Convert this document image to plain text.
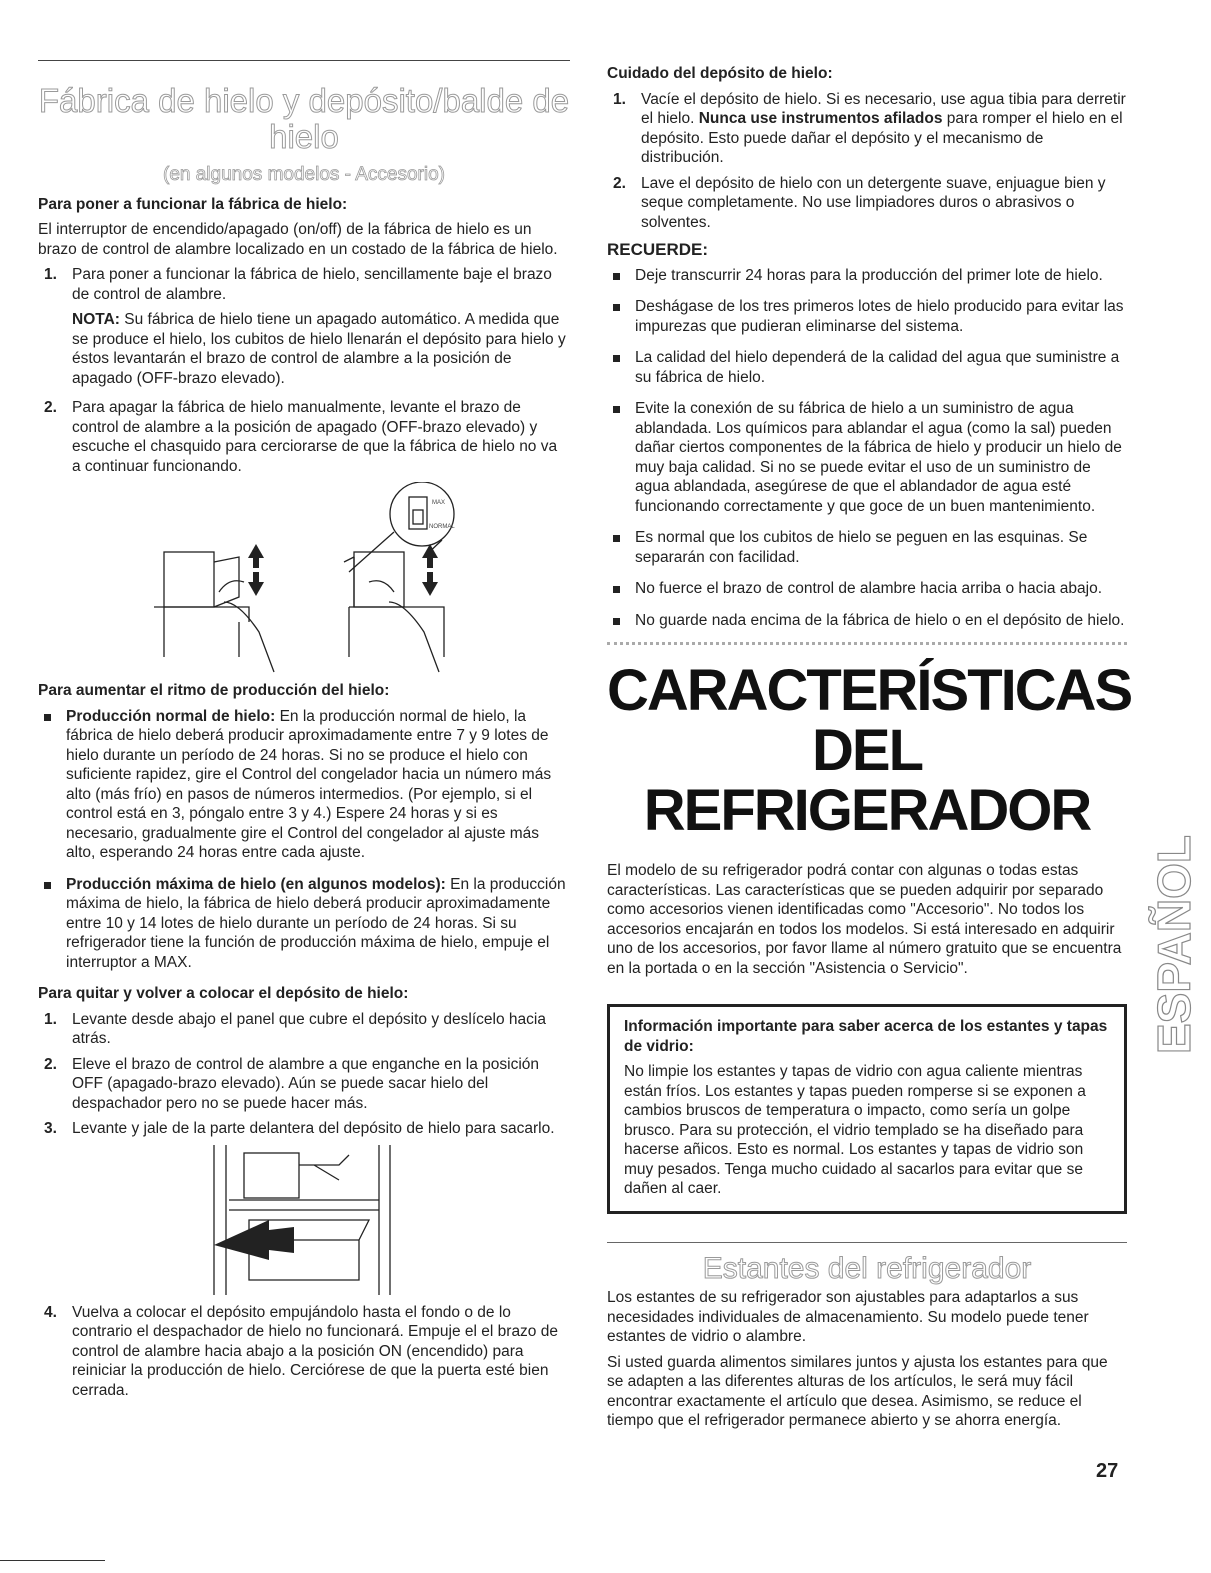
Fábrica de hielo y depósito/balde de hielo
(en algunos modelos - Accesorio)
Para poner a funcionar la fábrica de hielo:

El interruptor de encendido/apagado (on/off) de la fábrica de hielo es un brazo de control de alambre localizado en un costado de la fábrica de hielo.

1. Para poner a funcionar la fábrica de hielo, sencillamente baje el brazo de control de alambre.
NOTA: Su fábrica de hielo tiene un apagado automático. A medida que se produce el hielo, los cubitos de hielo llenarán el depósito para hielo y éstos levantarán el brazo de control de alambre a la posición de apagado (OFF-brazo elevado).
2. Para apagar la fábrica de hielo manualmente, levante el brazo de control de alambre a la posición de apagado (OFF-brazo elevado) y escuche el chasquido para cerciorarse de que la fábrica de hielo no va a continuar funcionando.
MAX
NORMAL
Para aumentar el ritmo de producción del hielo:
Producción normal de hielo: En la producción normal de hielo, la fábrica de hielo deberá producir aproximadamente entre 7 y 9 lotes de hielo durante un período de 24 horas. Si no se produce el hielo con suficiente rapidez, gire el Control del congelador hacia un número más alto (más frío) en pasos de números intermedios. (Por ejemplo, si el control está en 3, póngalo entre 3 y 4.) Espere 24 horas y si es necesario, gradualmente gire el Control del congelador al ajuste más alto, esperando 24 horas entre cada ajuste.
Producción máxima de hielo (en algunos modelos): En la producción máxima de hielo, la fábrica de hielo deberá producir aproximadamente entre 10 y 14 lotes de hielo durante un período de 24 horas. Si su refrigerador tiene la función de producción máxima de hielo, empuje el interruptor a MAX.
Para quitar y volver a colocar el depósito de hielo:
1. Levante desde abajo el panel que cubre el depósito y deslícelo hacia atrás.
2. Eleve el brazo de control de alambre a que enganche en la posición OFF (apagado-brazo elevado). Aún se puede sacar hielo del despachador pero no se puede hacer más.
3. Levante y jale de la parte delantera del depósito de hielo para sacarlo.
4. Vuelva a colocar el depósito empujándolo hasta el fondo o de lo contrario el despachador de hielo no funcionará. Empuje el el brazo de control de alambre hacia abajo a la posición ON (encendido) para reiniciar la producción de hielo. Cerciórese de que la puerta esté bien cerrada.
Cuidado del depósito de hielo:
1. Vacíe el depósito de hielo. Si es necesario, use agua tibia para derretir el hielo. Nunca use instrumentos afilados para romper el hielo en el depósito. Esto puede dañar el depósito y el mecanismo de distribución.
2. Lave el depósito de hielo con un detergente suave, enjuague bien y seque completamente. No use limpiadores duros o abrasivos o solventes.
RECUERDE:
Deje transcurrir 24 horas para la producción del primer lote de hielo.
Deshágase de los tres primeros lotes de hielo producido para evitar las impurezas que pudieran eliminarse del sistema.
La calidad del hielo dependerá de la calidad del agua que suministre a su fábrica de hielo.
Evite la conexión de su fábrica de hielo a un suministro de agua ablandada. Los químicos para ablandar el agua (como la sal) pueden dañar ciertos componentes de la fábrica de hielo y producir un hielo de muy baja calidad. Si no se puede evitar el uso de un suministro de agua ablandada, asegúrese de que el ablandador de agua esté funcionando correctamente y que goce de un buen mantenimiento.
Es normal que los cubitos de hielo se peguen en las esquinas. Se separarán con facilidad.
No fuerce el brazo de control de alambre hacia arriba o hacia abajo.
No guarde nada encima de la fábrica de hielo o en el depósito de hielo.
CARACTERÍSTICAS DEL
REFRIGERADOR

El modelo de su refrigerador podrá contar con algunas o todas estas características. Las características que se pueden adquirir por separado como accesorios vienen identificadas como "Accesorio". No todos los accesorios encajarán en todos los modelos. Si está interesado en adquirir uno de los accesorios, por favor llame al número gratuito que se encuentra en la portada o en la sección "Asistencia o Servicio".

Información importante para saber acerca de los estantes y tapas de vidrio:
No limpie los estantes y tapas de vidrio con agua caliente mientras están fríos. Los estantes y tapas pueden romperse si se exponen a cambios bruscos de temperatura o impacto, como sería un golpe brusco. Para su protección, el vidrio templado se ha diseñado para hacerse añicos. Esto es normal. Los estantes y tapas de vidrio son muy pesados. Tenga mucho cuidado al sacarlos para evitar que se dañen al caer.
Estantes del refrigerador

Los estantes de su refrigerador son ajustables para adaptarlos a sus necesidades individuales de almacenamiento. Su modelo puede tener estantes de vidrio o alambre.

Si usted guarda alimentos similares juntos y ajusta los estantes para que se adapten a las diferentes alturas de los artículos, le será muy fácil encontrar exactamente el artículo que desea. Asimismo, se reduce el tiempo que el refrigerador permanece abierto y se ahorra energía.

ESPAÑOL
27
